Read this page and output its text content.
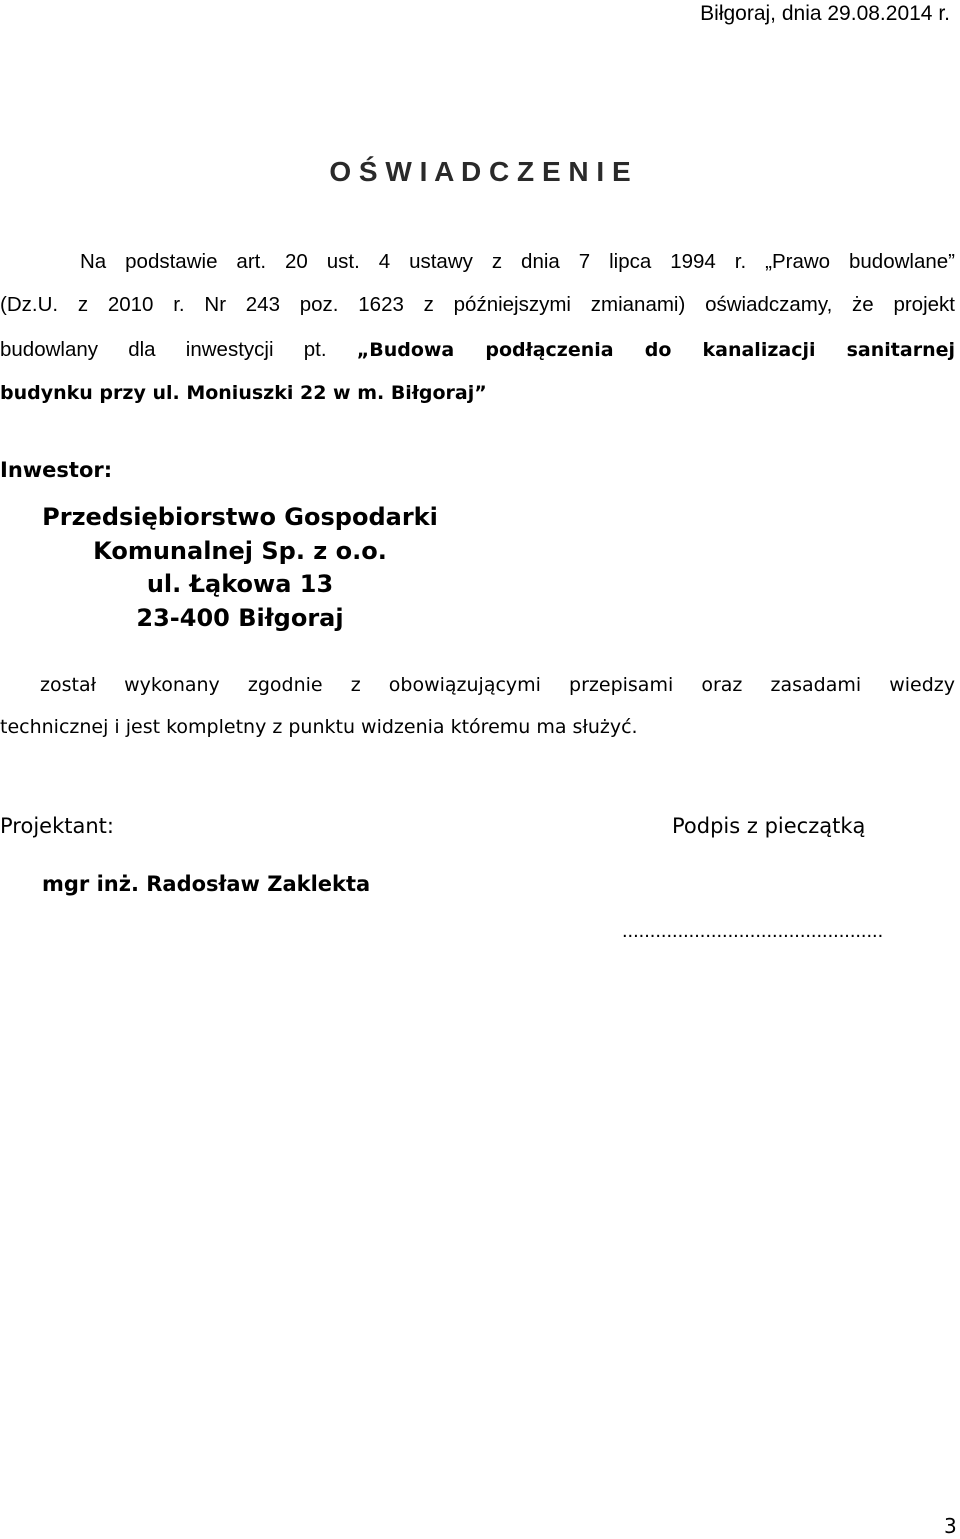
Biłgoraj, dnia 29.08.2014 r.
O Ś W I A D C Z E N I E
Na podstawie art. 20 ust. 4 ustawy z dnia 7 lipca 1994 r. „Prawo budowlane”
(Dz.U. z 2010 r. Nr 243 poz. 1623 z późniejszymi zmianami) oświadczamy, że projekt
budowlany dla inwestycji pt. „Budowa podłączenia do kanalizacji sanitarnej
budynku przy ul. Moniuszki 22 w m. Biłgoraj”
Inwestor:
Przedsiębiorstwo Gospodarki
Komunalnej Sp. z o.o.
ul. Łąkowa 13
23-400 Biłgoraj
został wykonany zgodnie z obowiązującymi przepisami oraz zasadami wiedzy
technicznej i jest kompletny z punktu widzenia któremu ma służyć.
Projektant:	Podpis z pieczątką
mgr inż. Radosław Zaklekta
...............................................
3
